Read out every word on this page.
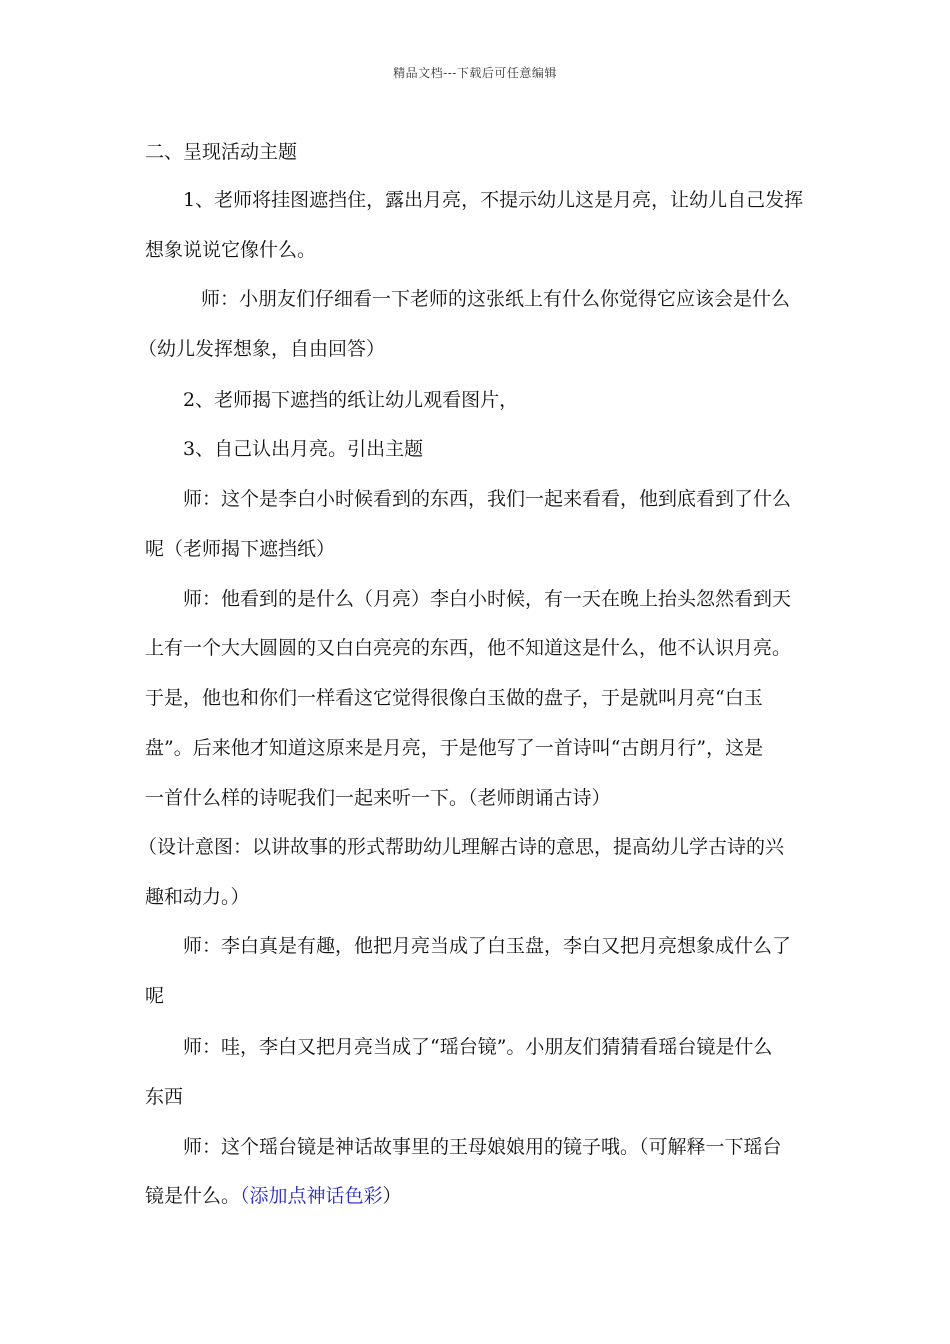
精品文档---下载后可任意编辑
二、呈现活动主题
1、老师将挂图遮挡住，露出月亮，不提示幼儿这是月亮，让幼儿自己发挥
想象说说它像什么。
师：小朋友们仔细看一下老师的这张纸上有什么你觉得它应该会是什么
（幼儿发挥想象，自由回答）
2、老师揭下遮挡的纸让幼儿观看图片，
3、自己认出月亮。引出主题
师：这个是李白小时候看到的东西，我们一起来看看，他到底看到了什么
呢（老师揭下遮挡纸）
师：他看到的是什么（月亮）李白小时候，有一天在晚上抬头忽然看到天
上有一个大大圆圆的又白白亮亮的东西，他不知道这是什么，他不认识月亮。
于是，他也和你们一样看这它觉得很像白玉做的盘子，于是就叫月亮“白玉
盘”。后来他才知道这原来是月亮，于是他写了一首诗叫“古朗月行”，这是
一首什么样的诗呢我们一起来听一下。（老师朗诵古诗）
（设计意图：以讲故事的形式帮助幼儿理解古诗的意思，提高幼儿学古诗的兴
趣和动力。）
师：李白真是有趣，他把月亮当成了白玉盘，李白又把月亮想象成什么了
呢
师：哇，李白又把月亮当成了“瑶台镜”。小朋友们猜猜看瑶台镜是什么
东西
师：这个瑶台镜是神话故事里的王母娘娘用的镜子哦。（可解释一下瑶台
镜是什么。（添加点神话色彩）
